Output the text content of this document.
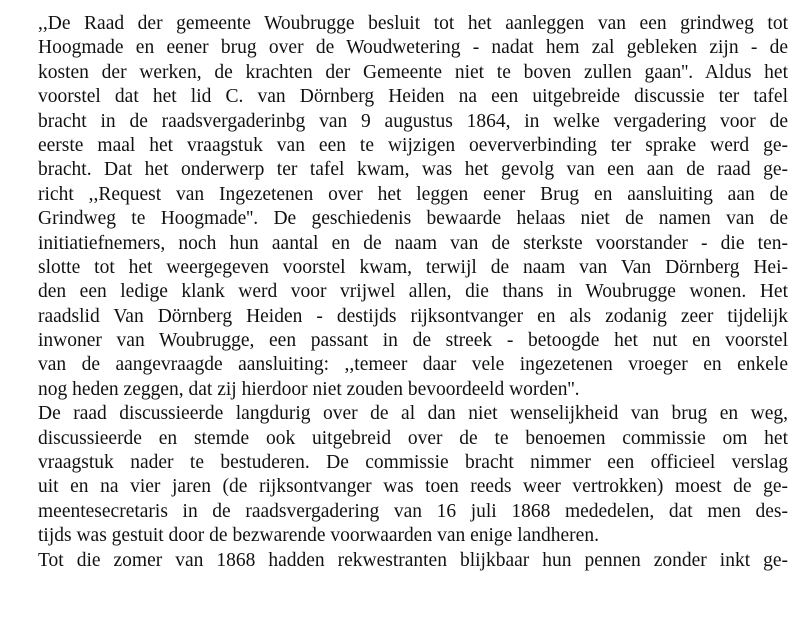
,,De Raad der gemeente Woubrugge besluit tot het aanleggen van een grindweg tot
Hoogmade en eener brug over de Woudwetering - nadat hem zal gebleken zijn - de
kosten der werken, de krachten der Gemeente niet te boven zullen gaan''. Aldus het
voorstel dat het lid C. van Dörnberg Heiden na een uitgebreide discussie ter tafel
bracht in de raadsvergaderinbg van 9 augustus 1864, in welke vergadering voor de
eerste maal het vraagstuk van een te wijzigen oeververbinding ter sprake werd ge-
bracht. Dat het onderwerp ter tafel kwam, was het gevolg van een aan de raad ge-
richt ,,Request van Ingezetenen over het leggen eener Brug en aansluiting aan de
Grindweg te Hoogmade''. De geschiedenis bewaarde helaas niet de namen van de
initiatiefnemers, noch hun aantal en de naam van de sterkste voorstander - die ten-
slotte tot het weergegeven voorstel kwam, terwijl de naam van Van Dörnberg Hei-
den een ledige klank werd voor vrijwel allen, die thans in Woubrugge wonen. Het
raadslid Van Dörnberg Heiden - destijds rijksontvanger en als zodanig zeer tijdelijk
inwoner van Woubrugge, een passant in de streek - betoogde het nut en voorstel
van de aangevraagde aansluiting: ,,temeer daar vele ingezetenen vroeger en enkele
nog heden zeggen, dat zij hierdoor niet zouden bevoordeeld worden''.
De raad discussieerde langdurig over de al dan niet wenselijkheid van brug en weg,
discussieerde en stemde ook uitgebreid over de te benoemen commissie om het
vraagstuk nader te bestuderen. De commissie bracht nimmer een officieel verslag
uit en na vier jaren (de rijksontvanger was toen reeds weer vertrokken) moest de ge-
meentesecretaris in de raadsvergadering van 16 juli 1868 mededelen, dat men des-
tijds was gestuit door de bezwarende voorwaarden van enige landheren.
Tot die zomer van 1868 hadden rekwestranten blijkbaar hun pennen zonder inkt ge-
